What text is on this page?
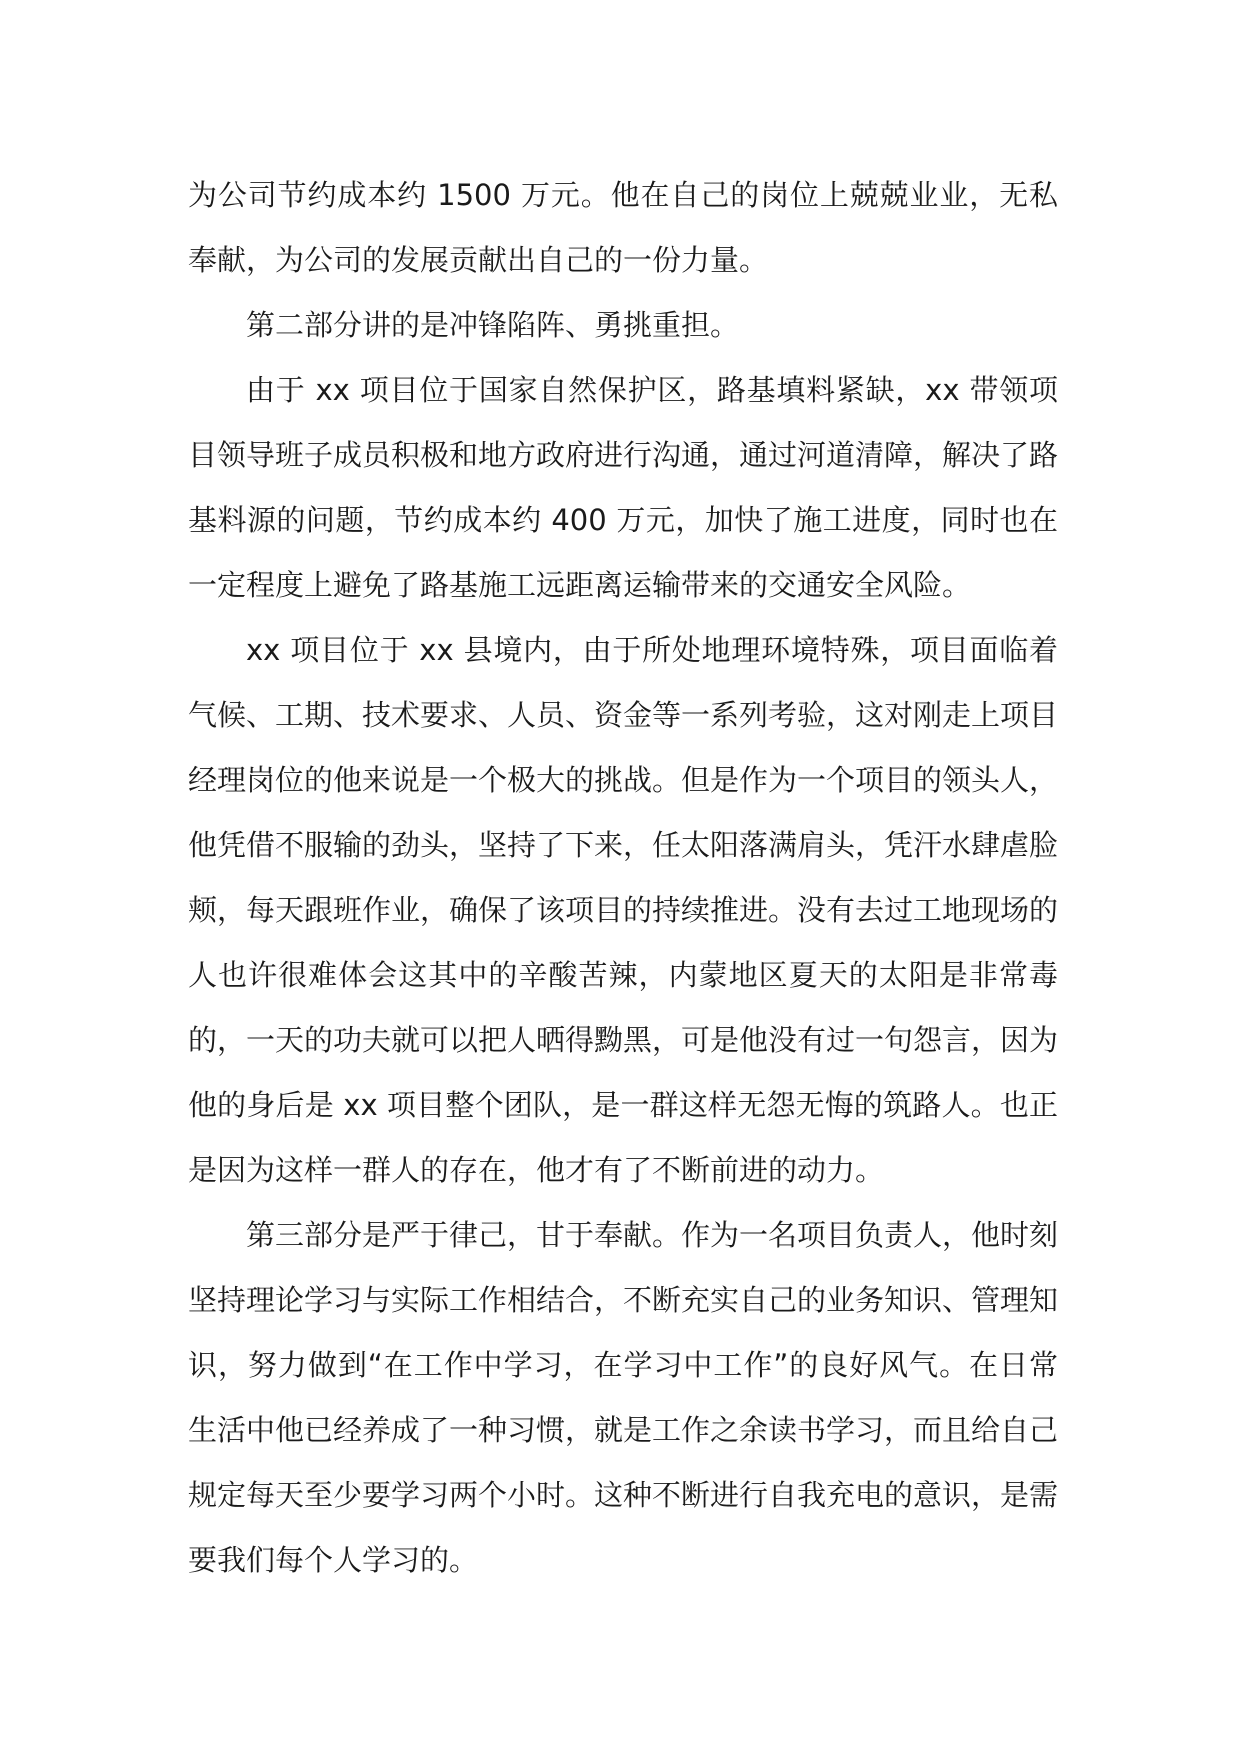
为公司节约成本约 1500 万元。他在自己的岗位上兢兢业业，无私奉献，为公司的发展贡献出自己的一份力量。

第二部分讲的是冲锋陷阵、勇挑重担。

由于 xx 项目位于国家自然保护区，路基填料紧缺，xx 带领项目领导班子成员积极和地方政府进行沟通，通过河道清障，解决了路基料源的问题，节约成本约 400 万元，加快了施工进度，同时也在一定程度上避免了路基施工远距离运输带来的交通安全风险。

xx 项目位于 xx 县境内，由于所处地理环境特殊，项目面临着气候、工期、技术要求、人员、资金等一系列考验，这对刚走上项目经理岗位的他来说是一个极大的挑战。但是作为一个项目的领头人，他凭借不服输的劲头，坚持了下来，任太阳落满肩头，凭汗水肆虐脸颊，每天跟班作业，确保了该项目的持续推进。没有去过工地现场的人也许很难体会这其中的辛酸苦辣，内蒙地区夏天的太阳是非常毒的，一天的功夫就可以把人晒得黝黑，可是他没有过一句怨言，因为他的身后是 xx 项目整个团队，是一群这样无怨无悔的筑路人。也正是因为这样一群人的存在，他才有了不断前进的动力。

第三部分是严于律己，甘于奉献。作为一名项目负责人，他时刻坚持理论学习与实际工作相结合，不断充实自己的业务知识、管理知识，努力做到“在工作中学习，在学习中工作”的良好风气。在日常生活中他已经养成了一种习惯，就是工作之余读书学习，而且给自己规定每天至少要学习两个小时。这种不断进行自我充电的意识，是需要我们每个人学习的。
